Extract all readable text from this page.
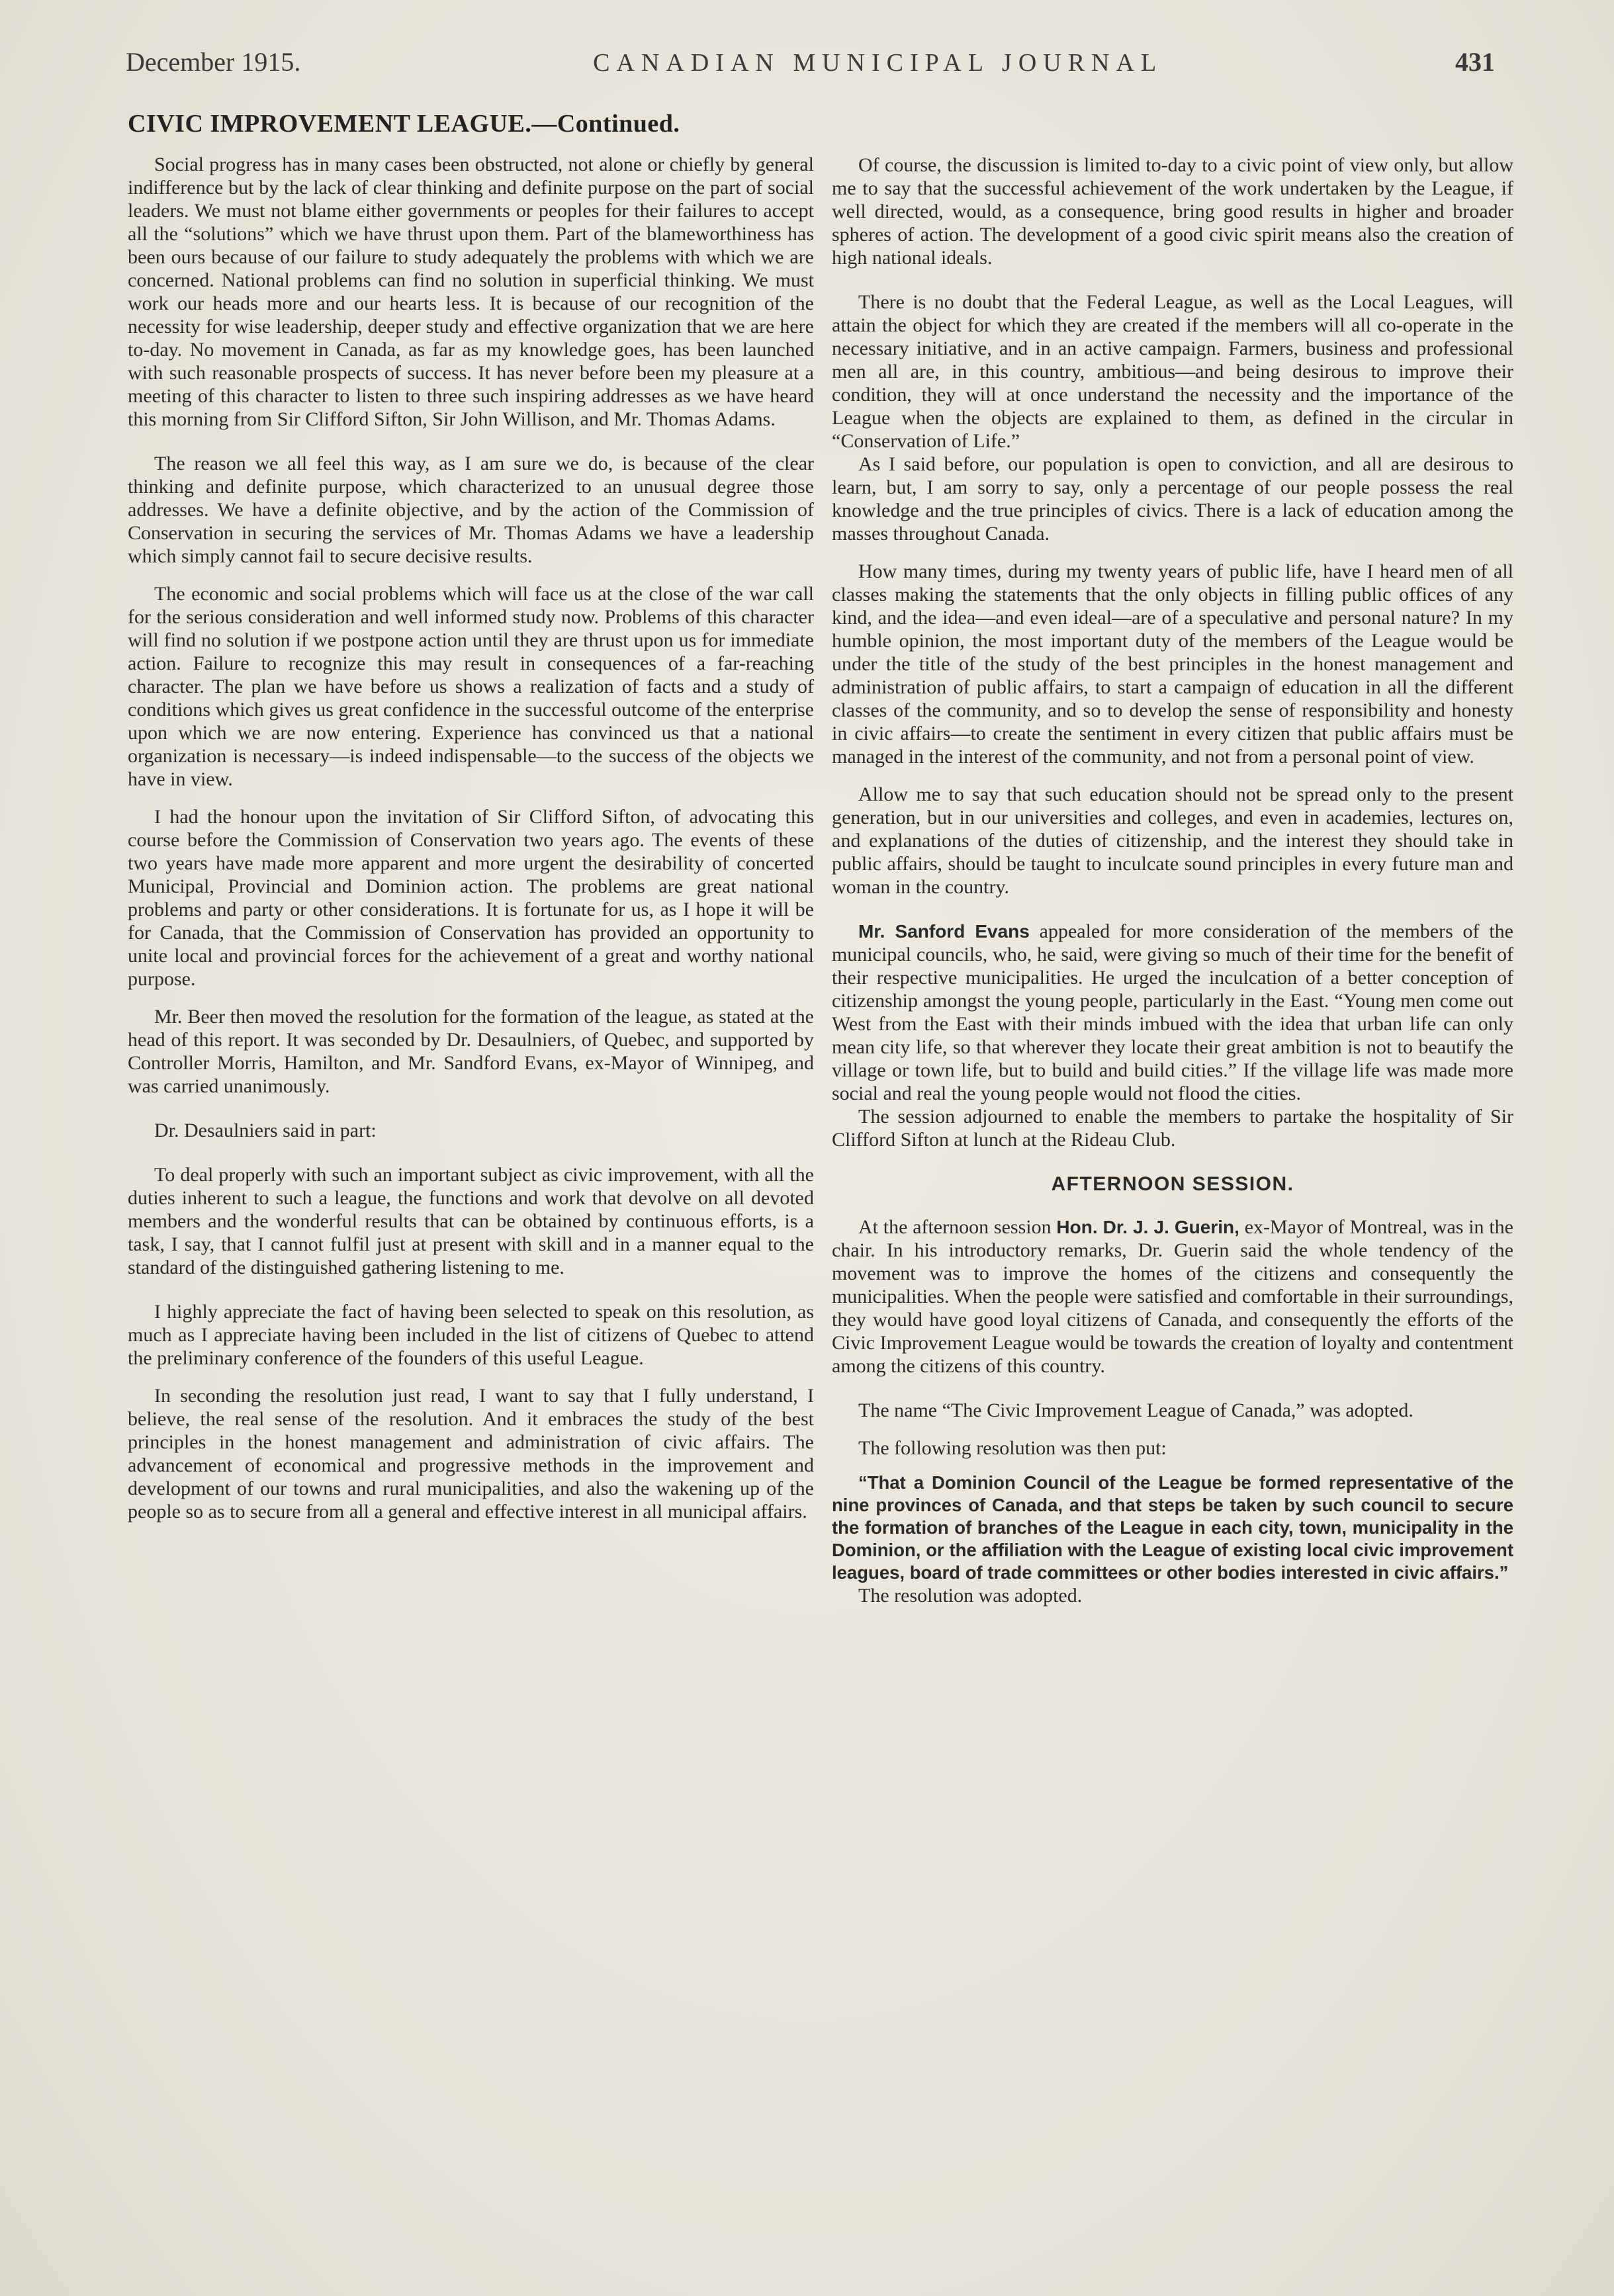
December 1915.	CANADIAN MUNICIPAL JOURNAL	431
CIVIC IMPROVEMENT LEAGUE.—Continued.

Social progress has in many cases been obstructed, not alone or chiefly by general indifference but by the lack of clear thinking and definite purpose on the part of social leaders. We must not blame either governments or peoples for their failures to accept all the “solutions” which we have thrust upon them. Part of the blameworthiness has been ours because of our failure to study adequately the problems with which we are concerned. National problems can find no solution in superficial thinking. We must work our heads more and our hearts less. It is because of our recognition of the necessity for wise leadership, deeper study and effective organization that we are here to-day. No movement in Canada, as far as my knowledge goes, has been launched with such reasonable prospects of success. It has never before been my pleasure at a meeting of this character to listen to three such inspiring addresses as we have heard this morning from Sir Clifford Sifton, Sir John Willison, and Mr. Thomas Adams.

The reason we all feel this way, as I am sure we do, is because of the clear thinking and definite purpose, which characterized to an unusual degree those addresses. We have a definite objective, and by the action of the Commission of Conservation in securing the services of Mr. Thomas Adams we have a leadership which simply cannot fail to secure decisive results.

The economic and social problems which will face us at the close of the war call for the serious consideration and well informed study now. Problems of this character will find no solution if we postpone action until they are thrust upon us for immediate action. Failure to recognize this may result in consequences of a far-reaching character. The plan we have before us shows a realization of facts and a study of conditions which gives us great confidence in the successful outcome of the enterprise upon which we are now entering. Experience has convinced us that a national organization is necessary—is indeed indispensable—to the success of the objects we have in view.

I had the honour upon the invitation of Sir Clifford Sifton, of advocating this course before the Commission of Conservation two years ago. The events of these two years have made more apparent and more urgent the desirability of concerted Municipal, Provincial and Dominion action. The problems are great national problems and party or other considerations. It is fortunate for us, as I hope it will be for Canada, that the Commission of Conservation has provided an opportunity to unite local and provincial forces for the achievement of a great and worthy national purpose.

Mr. Beer then moved the resolution for the formation of the league, as stated at the head of this report. It was seconded by Dr. Desaulniers, of Quebec, and supported by Controller Morris, Hamilton, and Mr. Sandford Evans, ex-Mayor of Winnipeg, and was carried unanimously.

Dr. Desaulniers said in part:

To deal properly with such an important subject as civic improvement, with all the duties inherent to such a league, the functions and work that devolve on all devoted members and the wonderful results that can be obtained by continuous efforts, is a task, I say, that I cannot fulfil just at present with skill and in a manner equal to the standard of the distinguished gathering listening to me.

I highly appreciate the fact of having been selected to speak on this resolution, as much as I appreciate having been included in the list of citizens of Quebec to attend the preliminary conference of the founders of this useful League.

In seconding the resolution just read, I want to say that I fully understand, I believe, the real sense of the resolution. And it embraces the study of the best principles in the honest management and administration of civic affairs. The advancement of economical and progressive methods in the improvement and development of our towns and rural municipalities, and also the wakening up of the people so as to secure from all a general and effective interest in all municipal affairs.

Of course, the discussion is limited to-day to a civic point of view only, but allow me to say that the successful achievement of the work undertaken by the League, if well directed, would, as a consequence, bring good results in higher and broader spheres of action. The development of a good civic spirit means also the creation of high national ideals.

There is no doubt that the Federal League, as well as the Local Leagues, will attain the object for which they are created if the members will all co-operate in the necessary initiative, and in an active campaign. Farmers, business and professional men all are, in this country, ambitious—and being desirous to improve their condition, they will at once understand the necessity and the importance of the League when the objects are explained to them, as defined in the circular in “Conservation of Life.”

As I said before, our population is open to conviction, and all are desirous to learn, but, I am sorry to say, only a percentage of our people possess the real knowledge and the true principles of civics. There is a lack of education among the masses throughout Canada.

How many times, during my twenty years of public life, have I heard men of all classes making the statements that the only objects in filling public offices of any kind, and the idea—and even ideal—are of a speculative and personal nature? In my humble opinion, the most important duty of the members of the League would be under the title of the study of the best principles in the honest management and administration of public affairs, to start a campaign of education in all the different classes of the community, and so to develop the sense of responsibility and honesty in civic affairs—to create the sentiment in every citizen that public affairs must be managed in the interest of the community, and not from a personal point of view.

Allow me to say that such education should not be spread only to the present generation, but in our universities and colleges, and even in academies, lectures on, and explanations of the duties of citizenship, and the interest they should take in public affairs, should be taught to inculcate sound principles in every future man and woman in the country.

Mr. Sanford Evans appealed for more consideration of the members of the municipal councils, who, he said, were giving so much of their time for the benefit of their respective municipalities. He urged the inculcation of a better conception of citizenship amongst the young people, particularly in the East. “Young men come out West from the East with their minds imbued with the idea that urban life can only mean city life, so that wherever they locate their great ambition is not to beautify the village or town life, but to build and build cities.” If the village life was made more social and real the young people would not flood the cities.

The session adjourned to enable the members to partake the hospitality of Sir Clifford Sifton at lunch at the Rideau Club.

AFTERNOON SESSION.

At the afternoon session Hon. Dr. J. J. Guerin, ex-Mayor of Montreal, was in the chair. In his introductory remarks, Dr. Guerin said the whole tendency of the movement was to improve the homes of the citizens and consequently the municipalities. When the people were satisfied and comfortable in their surroundings, they would have good loyal citizens of Canada, and consequently the efforts of the Civic Improvement League would be towards the creation of loyalty and contentment among the citizens of this country.

The name “The Civic Improvement League of Canada,” was adopted.

The following resolution was then put:

“That a Dominion Council of the League be formed representative of the nine provinces of Canada, and that steps be taken by such council to secure the formation of branches of the League in each city, town, municipality in the Dominion, or the affiliation with the League of existing local civic improvement leagues, board of trade committees or other bodies interested in civic affairs.”

The resolution was adopted.
